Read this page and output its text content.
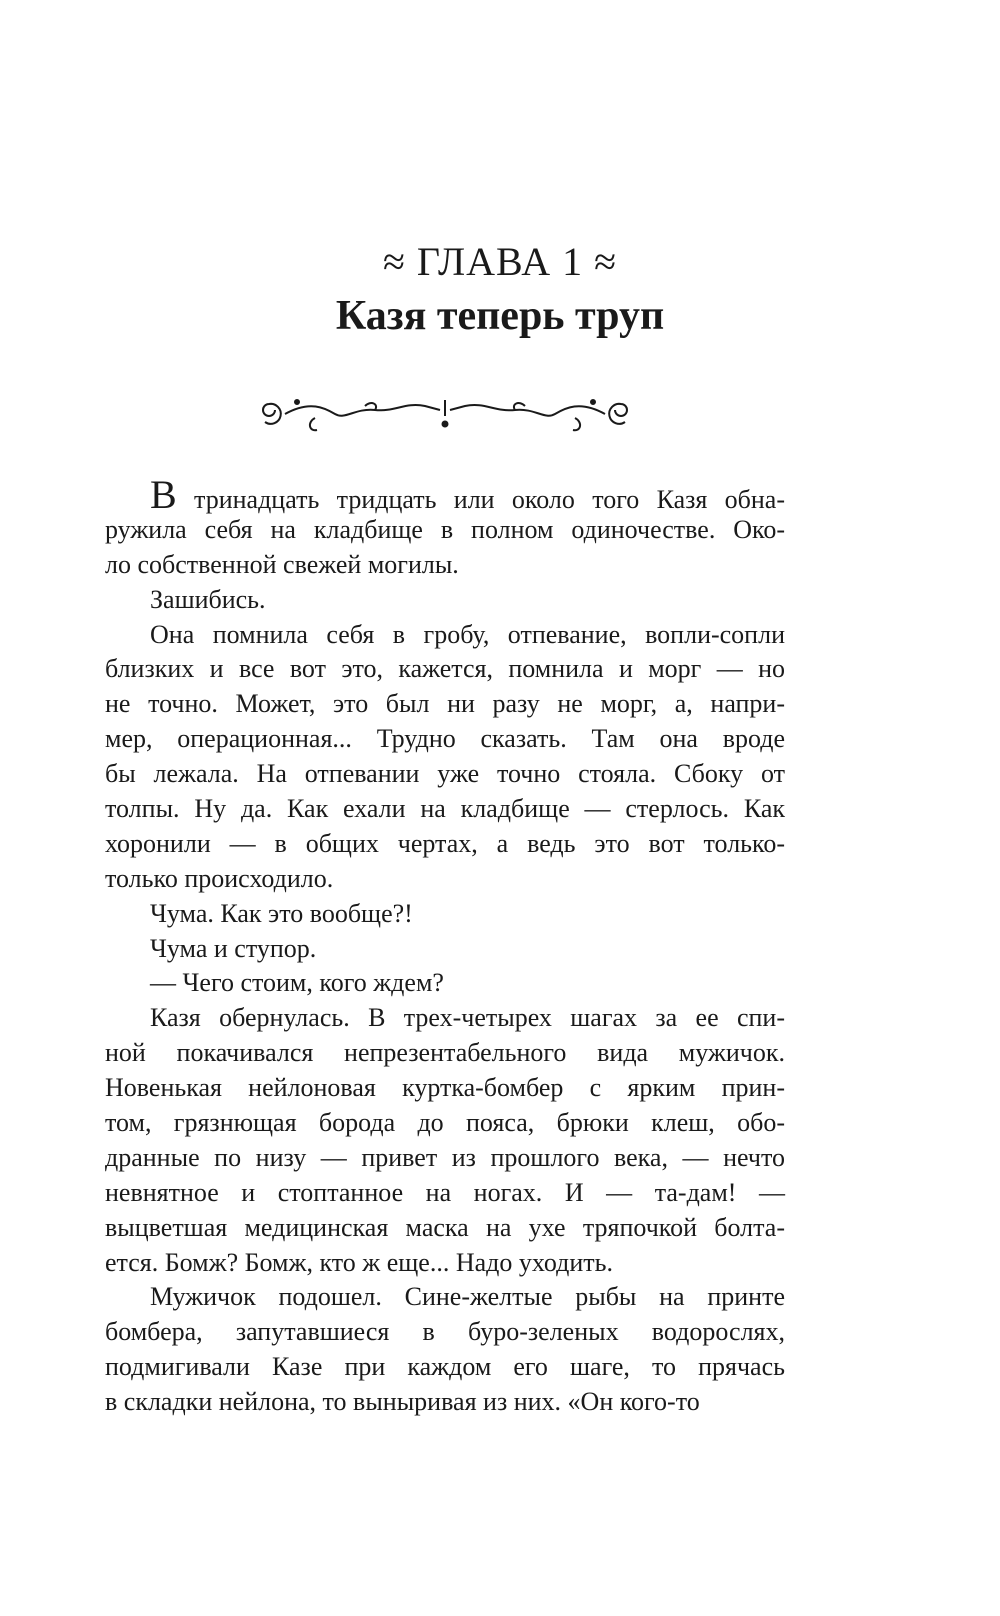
≈ ГЛАВА 1 ≈
Казя теперь труп
В тринадцать тридцать или около того Казя обна-
ружила себя на кладбище в полном одиночестве. Око-
ло собственной свежей могилы.
Зашибись.
Она помнила себя в гробу, отпевание, вопли-сопли
близких и все вот это, кажется, помнила и морг — но
не точно. Может, это был ни разу не морг, а, напри-
мер, операционная... Трудно сказать. Там она вроде
бы лежала. На отпевании уже точно стояла. Сбоку от
толпы. Ну да. Как ехали на кладбище — стерлось. Как
хоронили — в общих чертах, а ведь это вот только-
только происходило.
Чума. Как это вообще?!
Чума и ступор.
— Чего стоим, кого ждем?
Казя обернулась. В трех-четырех шагах за ее спи-
ной покачивался непрезентабельного вида мужичок.
Новенькая нейлоновая куртка-бомбер с ярким прин-
том, грязнющая борода до пояса, брюки клеш, обо-
дранные по низу — привет из прошлого века, — нечто
невнятное и стоптанное на ногах. И — та-дам! —
выцветшая медицинская маска на ухе тряпочкой болта-
ется. Бомж? Бомж, кто ж еще... Надо уходить.
Мужичок подошел. Сине-желтые рыбы на принте
бомбера, запутавшиеся в буро-зеленых водорослях,
подмигивали Казе при каждом его шаге, то прячась
в складки нейлона, то выныривая из них. «Он кого-то
